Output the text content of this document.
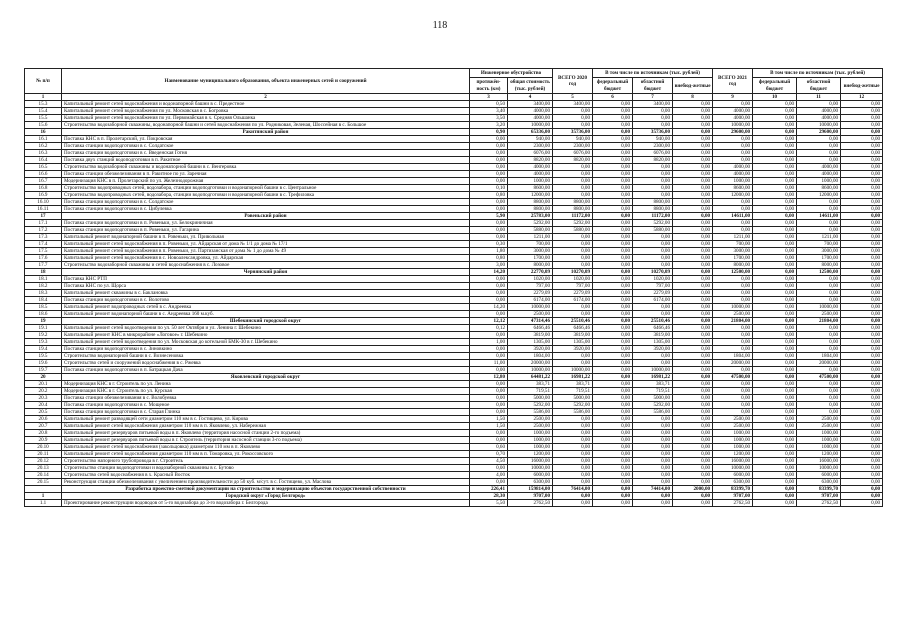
118
№ п/п	Наименование муниципального образования, объекта инженерных сетей и сооружений	Инженерное обустройство		ВСЕГО 2020 год	В том числе по источникам (тыс. рублей)			ВСЕГО 2021 год	В том числе по источникам (тыс. рублей)		
		протяжён-ность (км)	общая стоимость (тыс. рублей)		федеральный бюджет	областной бюджет	внебюд-жетные		федеральный бюджет	областной бюджет	внебюд-жетные
1	2	3	4	5	6	7	8	9	10	11	12
15.3	Капитальный ремонт сетей водоснабжения и водонапорной башни в с. Предестное	0,50	3400,00	3400,00	0,00	3400,00	0,00	0,00	0,00	0,00	0,00
15.4	Капитальный ремонт сетей водоснабжения по ул. Московская в с. Богровка	3,40	4000,00	0,00	0,00	0,00	0,00	4000,00	0,00	4000,00	0,00
15.5	Капитальный ремонт сетей водоснабжения по ул. Первомайская в х. Средняя Ольшанка	3,50	4000,00	0,00	0,00	0,00	0,00	4000,00	0,00	4000,00	0,00
15.6	Строительство водозаборной скважины, водонапорной башни и сетей водоснабжения по ул. Родниковая, Зеленая, Шоссейная в с. Большое	3,20	10000,00	0,00	0,00	0,00	0,00	10000,00	0,00	10000,00	0,00
16	Ракитянский район	0,90	65336,00	35736,00	0,00	35736,00	0,00	29600,00	0,00	29600,00	0,00
16.1	Поставка КНС в п. Пролетарский, ул. Покровская	0,00	940,00	940,00	0,00	940,00	0,00	0,00	0,00	0,00	0,00
16.2	Поставка станции водоподготовки в с. Солдатское	0,00	2300,00	2300,00	0,00	2300,00	0,00	0,00	0,00	0,00	0,00
16.3	Поставка станции водоподготовки в с. Введенская Готня	0,00	6076,00	6076,00	0,00	6076,00	0,00	0,00	0,00	0,00	0,00
16.4	Поставка двух станций водоподготовки в п. Ракитное	0,00	8820,00	8820,00	0,00	8820,00	0,00	0,00	0,00	0,00	0,00
16.5	Строительство водозаборной скважины и водонапорной башни в с. Венгеровка	0,00	4000,00	0,00	0,00	0,00	0,00	4000,00	0,00	4000,00	0,00
16.6	Поставка станции обезжелезивания в п. Ракитное по ул. Заречная	0,00	4000,00	0,00	0,00	0,00	0,00	4000,00	0,00	4000,00	0,00
16.7	Модернизация КНС в п. Пролетарский по ул. Железнодорожная	0,00	1000,00	0,00	0,00	0,00	0,00	1000,00	0,00	1000,00	0,00
16.8	Строительство водопроводных сетей, водозабора, станции водоподготовки и водонапорной башни в с. Центральное	0,10	8600,00	0,00	0,00	0,00	0,00	8600,00	0,00	8600,00	0,00
16.9	Строительство водопроводных сетей, водозабора, станции водоподготовки и водонапорной башни в с. Трефиловка	0,80	12000,00	0,00	0,00	0,00	0,00	12000,00	0,00	12000,00	0,00
16.10	Поставка станции водоподготовки в с. Солдатское	0,00	8800,00	8800,00	0,00	8800,00	0,00	0,00	0,00	0,00	0,00
16.11	Поставка станции водоподготовки в с. Цибулевка	0,00	8800,00	8800,00	0,00	8800,00	0,00	0,00	0,00	0,00	0,00
17	Ровеньский район	5,90	25783,00	11172,00	0,00	11172,00	0,00	14611,00	0,00	14611,00	0,00
17.1	Поставка станции водоподготовки в п. Ровеньки, ул. Белокриничная	0,00	5292,00	5292,00	0,00	5292,00	0,00	0,00	0,00	0,00	0,00
17.2	Поставка станции водоподготовки в п. Ровеньки, ул. Гагарина	0,00	5880,00	5880,00	0,00	5880,00	0,00	0,00	0,00	0,00	0,00
17.3	Капитальный ремонт водонапорной башни в п. Ровеньки, ул. Привольная	0,00	1211,00	0,00	0,00	0,00	0,00	1211,00	0,00	1211,00	0,00
17.4	Капитальный ремонт сетей водоснабжения в п. Ровеньки, ул. Айдарская от дома № 1/1 до дома № 17/1	0,30	700,00	0,00	0,00	0,00	0,00	700,00	0,00	700,00	0,00
17.5	Капитальный ремонт сетей водоснабжения в п. Ровеньки, ул. Партизанская от дома № 1 до дома № 49	1,80	3000,00	0,00	0,00	0,00	0,00	3000,00	0,00	3000,00	0,00
17.6	Капитальный ремонт сетей водоснабжения в с. Новоалександровка, ул. Айдарская	0,80	1700,00	0,00	0,00	0,00	0,00	1700,00	0,00	1700,00	0,00
17.7	Строительство водозаборной скважины и сетей водоснабжения в с. Лозовое	3,00	8000,00	0,00	0,00	0,00	0,00	8000,00	0,00	8000,00	0,00
18	Чернянский район	14,20	22770,09	10270,09	0,00	10270,09	0,00	12500,00	0,00	12500,00	0,00
18.1	Поставка КНС РТП	0,00	1020,00	1020,00	0,00	1020,00	0,00	0,00	0,00	0,00	0,00
18.2	Поставка КНС по ул. Щорса	0,00	797,00	797,00	0,00	797,00	0,00	0,00	0,00	0,00	0,00
18.3	Капитальный ремонт скважины в с. Баклановка	0,00	2279,09	2279,09	0,00	2279,09	0,00	0,00	0,00	0,00	0,00
18.4	Поставка станции водоподготовки в с. Волотово	0,00	6174,00	6174,00	0,00	6174,00	0,00	0,00	0,00	0,00	0,00
18.5	Капитальный ремонт водопроводных сетей в с. Андреевка	14,20	10000,00	0,00	0,00	0,00	0,00	10000,00	0,00	10000,00	0,00
18.6	Капитальный ремонт водонапорной башни в с. Андреевка 160 м.куб.	0,00	2500,00	0,00	0,00	0,00	0,00	2500,00	0,00	2500,00	0,00
19	Шебекинский городской округ	12,12	47314,46	25510,46	0,00	25510,46	0,00	21804,00	0,00	21804,00	0,00
19.1	Капитальный ремонт сетей водоотведения по ул. 50 лет Октября и ул. Ленина г. Шебекино	0,12	6466,46	6466,46	0,00	6466,46	0,00	0,00	0,00	0,00	0,00
19.2	Капитальный ремонт КНС в микрорайоне «Логовое» г. Шебекино	0,00	3819,00	3819,00	0,00	3819,00	0,00	0,00	0,00	0,00	0,00
19.3	Капитальный ремонт сетей водоотведения по ул. Московская до котельной БМК-30 в г. Шебекино	1,00	1305,00	1305,00	0,00	1305,00	0,00	0,00	0,00	0,00	0,00
19.4	Поставка станции водоподготовки в с. Зиновкино	0,00	3920,00	3920,00	0,00	3920,00	0,00	0,00	0,00	0,00	0,00
19.5	Строительство водонапорной башни в с. Вознесеновка	0,00	1804,00	0,00	0,00	0,00	0,00	1804,00	0,00	1804,00	0,00
19.6	Строительство сетей и сооружений водоснабжения в с. Ржевка	11,00	20000,00	0,00	0,00	0,00	0,00	20000,00	0,00	20000,00	0,00
19.7	Поставка станции водоподготовки в п. Батрацкая Дача	0,00	10000,00	10000,00	0,00	10000,00	0,00	0,00	0,00	0,00	0,00
20	Яковлевский городской округ	12,80	64481,22	16981,22	0,00	16981,22	0,00	47500,00	0,00	47500,00	0,00
20.1	Модернизация КНС в г. Строитель по ул. Ленина	0,00	383,71	383,71	0,00	383,71	0,00	0,00	0,00	0,00	0,00
20.2	Модернизация КНС в г. Строитель по ул. Курская	0,00	719,51	719,51	0,00	719,51	0,00	0,00	0,00	0,00	0,00
20.3	Поставка станции обезжелезивания в с. Волобуевка	0,00	5000,00	5000,00	0,00	5000,00	0,00	0,00	0,00	0,00	0,00
20.4	Поставка станции водоподготовки в с. Мощеное	0,00	5292,00	5292,00	0,00	5292,00	0,00	0,00	0,00	0,00	0,00
20.5	Поставка станции водоподготовки в с. Старая Глинка	0,00	5586,00	5586,00	0,00	5586,00	0,00	0,00	0,00	0,00	0,00
20.6	Капитальный ремонт разводящей сети диаметром 110 мм в с. Гостищево, ул. Кирова	1,50	2500,00	0,00	0,00	0,00	0,00	2500,00	0,00	2500,00	0,00
20.7	Капитальный ремонт сетей водоснабжения диаметром 110 мм в п. Яковлево, ул. Набережная	1,50	2500,00	0,00	0,00	0,00	0,00	2500,00	0,00	2500,00	0,00
20.8	Капитальный ремонт резервуаров питьевой воды в п. Яковлево (территория насосной станции 2-го подъема)	0,00	1000,00	0,00	0,00	0,00	0,00	1000,00	0,00	1000,00	0,00
20.9	Капитальный ремонт резервуаров питьевой воды в г. Строитель (территория насосной станции 3-го подъема)	0,00	1000,00	0,00	0,00	0,00	0,00	1000,00	0,00	1000,00	0,00
20.10	Капитальный ремонт сетей водоснабжения (закольцовка) диаметром 110 мм в п. Яковлево	0,60	1000,00	0,00	0,00	0,00	0,00	1000,00	0,00	1000,00	0,00
20.11	Капитальный ремонт сетей водоснабжения диаметром 110 мм в п. Томаровка, ул. Рокоссовского	0,70	1200,00	0,00	0,00	0,00	0,00	1200,00	0,00	1200,00	0,00
20.12	Строительство напорного трубопровода в г. Строитель	4,50	16000,00	0,00	0,00	0,00	0,00	16000,00	0,00	16000,00	0,00
20.13	Строительство станции водоподготовки и водозаборной скважины в с. Бутово	0,00	10000,00	0,00	0,00	0,00	0,00	10000,00	0,00	10000,00	0,00
20.14	Строительство сетей водоснабжения в х. Красный Восток	4,00	6000,00	0,00	0,00	0,00	0,00	6000,00	0,00	6000,00	0,00
20.15	Реконструкция станции обезжелезивания с увеличением производительности до 50 куб. м/сут. в с. Гостищево, ул. Маслова	0,00	6300,00	0,00	0,00	0,00	0,00	6300,00	0,00	6300,00	0,00
	Разработка проектно-сметной документации на строительство и модернизацию объектов государственной собственности	226,41	159814,00	76414,00	0,00	74414,00	2000,00	83399,70	0,00	83399,70	0,00
1	Городской округ «Город Белгород»	28,30	9707,00	0,00	0,00	0,00	0,00	9707,00	0,00	9707,00	0,00
1.1	Проектирование реконструкции водоводов от 5-го водозабора до 3-го водозабора г. Белгорода	5,50	2762,50	0,00	0,00	0,00	0,00	2762,50	0,00	2762,50	0,00
